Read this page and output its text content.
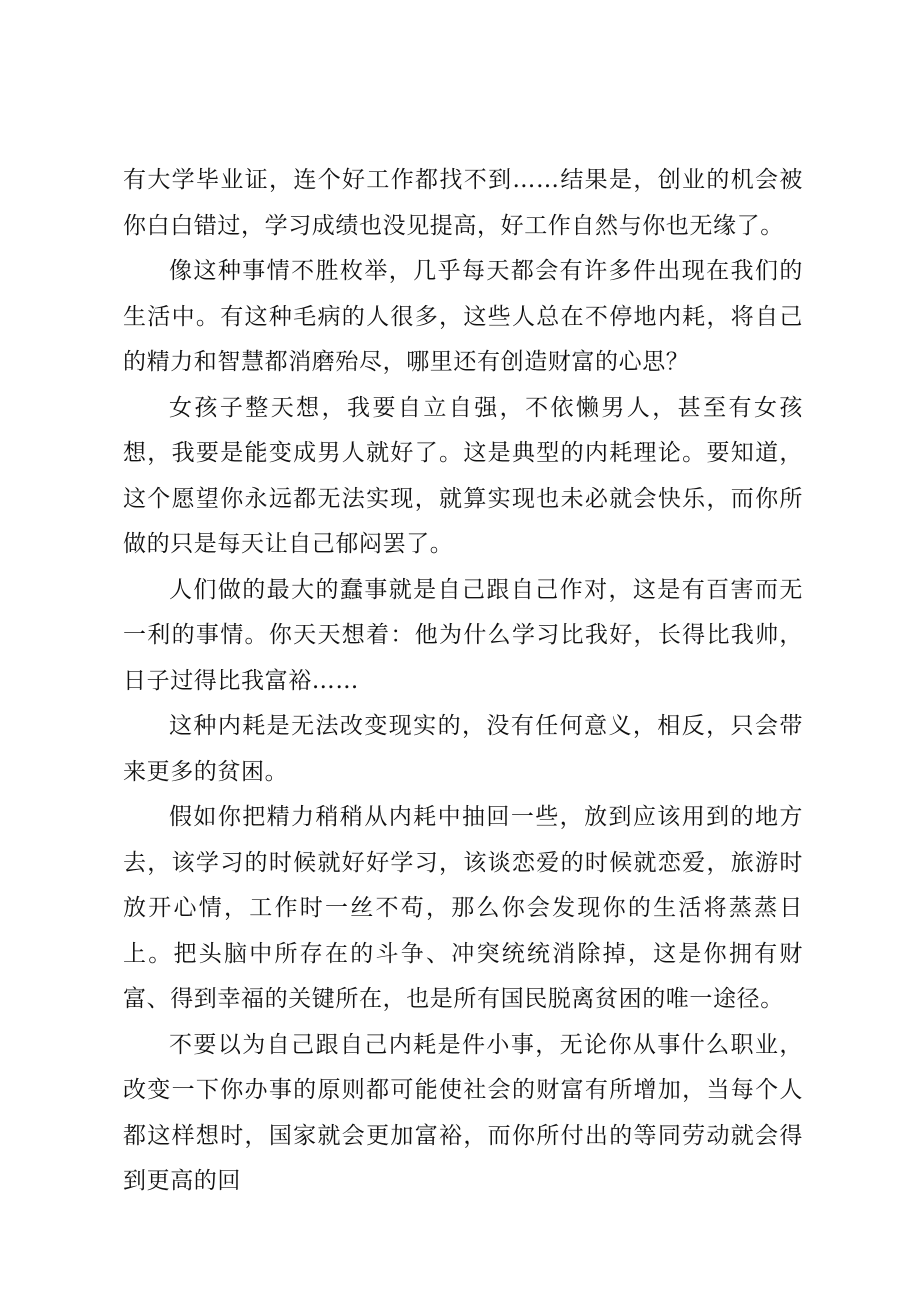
有大学毕业证，连个好工作都找不到……结果是，创业的机会被你白白错过，学习成绩也没见提高，好工作自然与你也无缘了。

像这种事情不胜枚举，几乎每天都会有许多件出现在我们的生活中。有这种毛病的人很多，这些人总在不停地内耗，将自己的精力和智慧都消磨殆尽，哪里还有创造财富的心思？

女孩子整天想，我要自立自强，不依懒男人，甚至有女孩想，我要是能变成男人就好了。这是典型的内耗理论。要知道，这个愿望你永远都无法实现，就算实现也未必就会快乐，而你所做的只是每天让自己郁闷罢了。

人们做的最大的蠢事就是自己跟自己作对，这是有百害而无一利的事情。你天天想着：他为什么学习比我好，长得比我帅，日子过得比我富裕……

这种内耗是无法改变现实的，没有任何意义，相反，只会带来更多的贫困。

假如你把精力稍稍从内耗中抽回一些，放到应该用到的地方去，该学习的时候就好好学习，该谈恋爱的时候就恋爱，旅游时放开心情，工作时一丝不苟，那么你会发现你的生活将蒸蒸日上。把头脑中所存在的斗争、冲突统统消除掉，这是你拥有财富、得到幸福的关键所在，也是所有国民脱离贫困的唯一途径。

不要以为自己跟自己内耗是件小事，无论你从事什么职业，改变一下你办事的原则都可能使社会的财富有所增加，当每个人都这样想时，国家就会更加富裕，而你所付出的等同劳动就会得到更高的回
